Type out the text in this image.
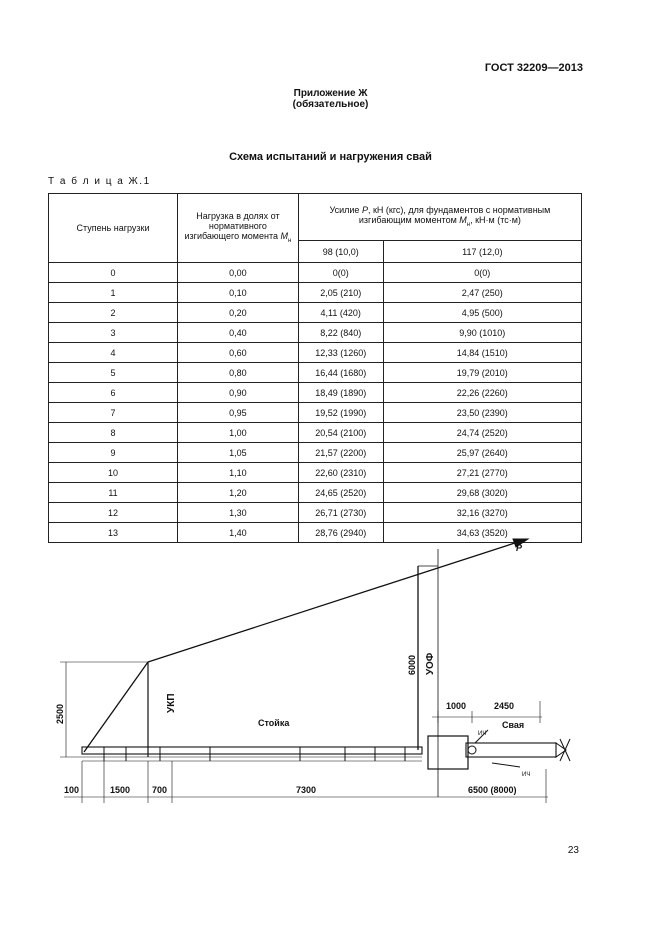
ГОСТ 32209—2013
Приложение Ж
(обязательное)
Схема испытаний и нагружения свай
Т а б л и ц а Ж.1
Ступень нагрузки	Нагрузка в долях от нормативного изгибающего момента $M_н$	Усилие P, кН (кгс), для фундаментов с нормативным изгибающим моментом $M_н$, кН·м (тс·м)	
		98 (10,0)	117 (12,0)
0	0,00	0(0)	0(0)
1	0,10	2,05 (210)	2,47 (250)
2	0,20	4,11 (420)	4,95 (500)
3	0,40	8,22 (840)	9,90 (1010)
4	0,60	12,33 (1260)	14,84 (1510)
5	0,80	16,44 (1680)	19,79 (2010)
6	0,90	18,49 (1890)	22,26 (2260)
7	0,95	19,52 (1990)	23,50 (2390)
8	1,00	20,54 (2100)	24,74 (2520)
9	1,05	21,57 (2200)	25,97 (2640)
10	1,10	22,60 (2310)	27,21 (2770)
11	1,20	24,65 (2520)	29,68 (3020)
12	1,30	26,71 (2730)	32,16 (3270)
13	1,40	28,76 (2940)	34,63 (3520)
P
УКП
УОФ
6000
2500	Стойка	Свая
1000	2450
ИЧ
ИЧ
100	1500 700	7300	6500 (8000)
23
